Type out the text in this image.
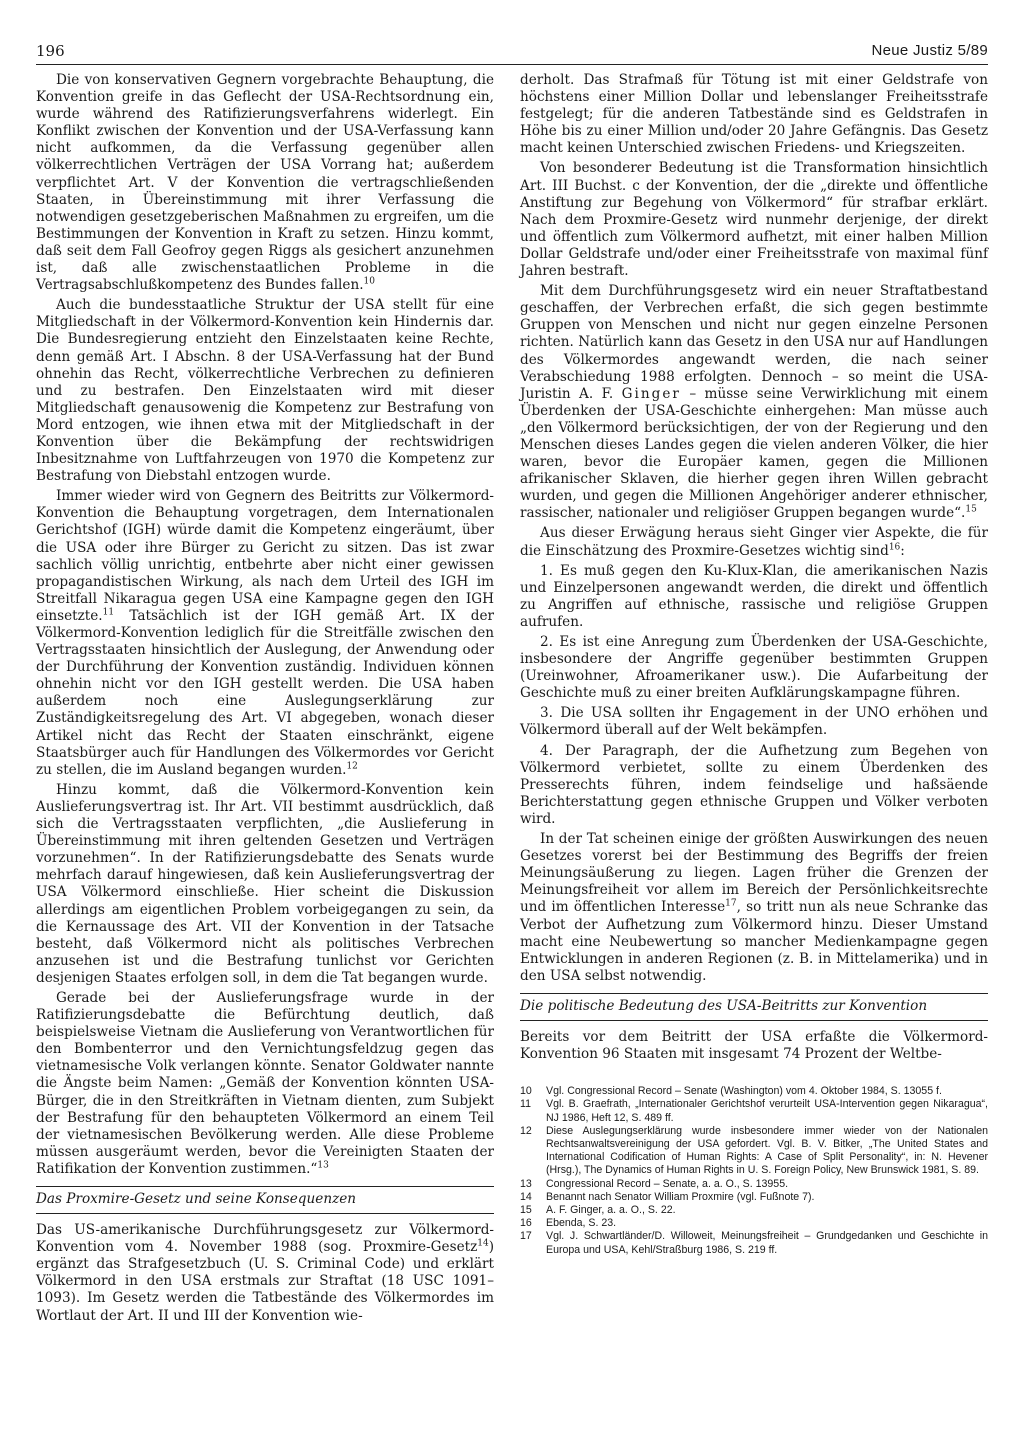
196	Neue Justiz 5/89

Die von konservativen Gegnern vorgebrachte Behauptung, die Konvention greife in das Geflecht der USA-Rechtsordnung ein, wurde während des Ratifizierungsverfahrens widerlegt. Ein Konflikt zwischen der Konvention und der USA-Verfassung kann nicht aufkommen, da die Verfassung gegenüber allen völkerrechtlichen Verträgen der USA Vorrang hat; außerdem verpflichtet Art. V der Konvention die vertragschließenden Staaten, in Übereinstimmung mit ihrer Verfassung die notwendigen gesetzgeberischen Maßnahmen zu ergreifen, um die Bestimmungen der Konvention in Kraft zu setzen. Hinzu kommt, daß seit dem Fall Geofroy gegen Riggs als gesichert anzunehmen ist, daß alle zwischenstaatlichen Probleme in die Vertragsabschlußkompetenz des Bundes fallen.$^{10}$

Auch die bundesstaatliche Struktur der USA stellt für eine Mitgliedschaft in der Völkermord-Konvention kein Hindernis dar. Die Bundesregierung entzieht den Einzelstaaten keine Rechte, denn gemäß Art. I Abschn. 8 der USA-Verfassung hat der Bund ohnehin das Recht, völkerrechtliche Verbrechen zu definieren und zu bestrafen. Den Einzelstaaten wird mit dieser Mitgliedschaft genausowenig die Kompetenz zur Bestrafung von Mord entzogen, wie ihnen etwa mit der Mitgliedschaft in der Konvention über die Bekämpfung der rechtswidrigen Inbesitznahme von Luftfahrzeugen von 1970 die Kompetenz zur Bestrafung von Diebstahl entzogen wurde.

Immer wieder wird von Gegnern des Beitritts zur Völkermord-Konvention die Behauptung vorgetragen, dem Internationalen Gerichtshof (IGH) würde damit die Kompetenz eingeräumt, über die USA oder ihre Bürger zu Gericht zu sitzen. Das ist zwar sachlich völlig unrichtig, entbehrte aber nicht einer gewissen propagandistischen Wirkung, als nach dem Urteil des IGH im Streitfall Nikaragua gegen USA eine Kampagne gegen den IGH einsetzte.$^{11}$ Tatsächlich ist der IGH gemäß Art. IX der Völkermord-Konvention lediglich für die Streitfälle zwischen den Vertragsstaaten hinsichtlich der Auslegung, der Anwendung oder der Durchführung der Konvention zuständig. Individuen können ohnehin nicht vor den IGH gestellt werden. Die USA haben außerdem noch eine Auslegungserklärung zur Zuständigkeitsregelung des Art. VI abgegeben, wonach dieser Artikel nicht das Recht der Staaten einschränkt, eigene Staatsbürger auch für Handlungen des Völkermordes vor Gericht zu stellen, die im Ausland begangen wurden.$^{12}$

Hinzu kommt, daß die Völkermord-Konvention kein Auslieferungsvertrag ist. Ihr Art. VII bestimmt ausdrücklich, daß sich die Vertragsstaaten verpflichten, „die Auslieferung in Übereinstimmung mit ihren geltenden Gesetzen und Verträgen vorzunehmen“. In der Ratifizierungsdebatte des Senats wurde mehrfach darauf hingewiesen, daß kein Auslieferungsvertrag der USA Völkermord einschließe. Hier scheint die Diskussion allerdings am eigentlichen Problem vorbeigegangen zu sein, da die Kernaussage des Art. VII der Konvention in der Tatsache besteht, daß Völkermord nicht als politisches Verbrechen anzusehen ist und die Bestrafung tunlichst vor Gerichten desjenigen Staates erfolgen soll, in dem die Tat begangen wurde.

Gerade bei der Auslieferungsfrage wurde in der Ratifizierungsdebatte die Befürchtung deutlich, daß beispielsweise Vietnam die Auslieferung von Verantwortlichen für den Bombenterror und den Vernichtungsfeldzug gegen das vietnamesische Volk verlangen könnte. Senator Goldwater nannte die Ängste beim Namen: „Gemäß der Konvention könnten USA-Bürger, die in den Streitkräften in Vietnam dienten, zum Subjekt der Bestrafung für den behaupteten Völkermord an einem Teil der vietnamesischen Bevölkerung werden. Alle diese Probleme müssen ausgeräumt werden, bevor die Vereinigten Staaten der Ratifikation der Konvention zustimmen.“$^{13}$

Das Proxmire-Gesetz und seine Konsequenzen

Das US-amerikanische Durchführungsgesetz zur Völkermord-Konvention vom 4. November 1988 (sog. Proxmire-Gesetz$^{14}$) ergänzt das Strafgesetzbuch (U. S. Criminal Code) und erklärt Völkermord in den USA erstmals zur Straftat (18 USC 1091–1093). Im Gesetz werden die Tatbestände des Völkermordes im Wortlaut der Art. II und III der Konvention wie-

derholt. Das Strafmaß für Tötung ist mit einer Geldstrafe von höchstens einer Million Dollar und lebenslanger Freiheitsstrafe festgelegt; für die anderen Tatbestände sind es Geldstrafen in Höhe bis zu einer Million und/oder 20 Jahre Gefängnis. Das Gesetz macht keinen Unterschied zwischen Friedens- und Kriegszeiten.

Von besonderer Bedeutung ist die Transformation hinsichtlich Art. III Buchst. c der Konvention, der die „direkte und öffentliche Anstiftung zur Begehung von Völkermord“ für strafbar erklärt. Nach dem Proxmire-Gesetz wird nunmehr derjenige, der direkt und öffentlich zum Völkermord aufhetzt, mit einer halben Million Dollar Geldstrafe und/oder einer Freiheitsstrafe von maximal fünf Jahren bestraft.

Mit dem Durchführungsgesetz wird ein neuer Straftatbestand geschaffen, der Verbrechen erfaßt, die sich gegen bestimmte Gruppen von Menschen und nicht nur gegen einzelne Personen richten. Natürlich kann das Gesetz in den USA nur auf Handlungen des Völkermordes angewandt werden, die nach seiner Verabschiedung 1988 erfolgten. Dennoch – so meint die USA-Juristin A. F. Ginger – müsse seine Verwirklichung mit einem Überdenken der USA-Geschichte einhergehen: Man müsse auch „den Völkermord berücksichtigen, der von der Regierung und den Menschen dieses Landes gegen die vielen anderen Völker, die hier waren, bevor die Europäer kamen, gegen die Millionen afrikanischer Sklaven, die hierher gegen ihren Willen gebracht wurden, und gegen die Millionen Angehöriger anderer ethnischer, rassischer, nationaler und religiöser Gruppen begangen wurde“.$^{15}$

Aus dieser Erwägung heraus sieht Ginger vier Aspekte, die für die Einschätzung des Proxmire-Gesetzes wichtig sind$^{16}$:

1. Es muß gegen den Ku-Klux-Klan, die amerikanischen Nazis und Einzelpersonen angewandt werden, die direkt und öffentlich zu Angriffen auf ethnische, rassische und religiöse Gruppen aufrufen.

2. Es ist eine Anregung zum Überdenken der USA-Geschichte, insbesondere der Angriffe gegenüber bestimmten Gruppen (Ureinwohner, Afroamerikaner usw.). Die Aufarbeitung der Geschichte muß zu einer breiten Aufklärungskampagne führen.

3. Die USA sollten ihr Engagement in der UNO erhöhen und Völkermord überall auf der Welt bekämpfen.

4. Der Paragraph, der die Aufhetzung zum Begehen von Völkermord verbietet, sollte zu einem Überdenken des Presserechts führen, indem feindselige und haßsäende Berichterstattung gegen ethnische Gruppen und Völker verboten wird.

In der Tat scheinen einige der größten Auswirkungen des neuen Gesetzes vorerst bei der Bestimmung des Begriffs der freien Meinungsäußerung zu liegen. Lagen früher die Grenzen der Meinungsfreiheit vor allem im Bereich der Persönlichkeitsrechte und im öffentlichen Interesse$^{17}$, so tritt nun als neue Schranke das Verbot der Aufhetzung zum Völkermord hinzu. Dieser Umstand macht eine Neubewertung so mancher Medienkampagne gegen Entwicklungen in anderen Regionen (z. B. in Mittelamerika) und in den USA selbst notwendig.

Die politische Bedeutung des USA-Beitritts zur Konvention

Bereits vor dem Beitritt der USA erfaßte die Völkermord-Konvention 96 Staaten mit insgesamt 74 Prozent der Weltbe-

10	Vgl. Congressional Record – Senate (Washington) vom 4. Oktober 1984, S. 13055 f.
11	Vgl. B. Graefrath, „Internationaler Gerichtshof verurteilt USA-Intervention gegen Nikaragua“, NJ 1986, Heft 12, S. 489 ff.
12	Diese Auslegungserklärung wurde insbesondere immer wieder von der Nationalen Rechtsanwaltsvereinigung der USA gefordert. Vgl. B. V. Bitker, „The United States and International Codification of Human Rights: A Case of Split Personality“, in: N. Hevener (Hrsg.), The Dynamics of Human Rights in U. S. Foreign Policy, New Brunswick 1981, S. 89.
13	Congressional Record – Senate, a. a. O., S. 13955.
14	Benannt nach Senator William Proxmire (vgl. Fußnote 7).
15	A. F. Ginger, a. a. O., S. 22.
16	Ebenda, S. 23.
17	Vgl. J. Schwartländer/D. Willoweit, Meinungsfreiheit – Grundgedanken und Geschichte in Europa und USA, Kehl/Straßburg 1986, S. 219 ff.
